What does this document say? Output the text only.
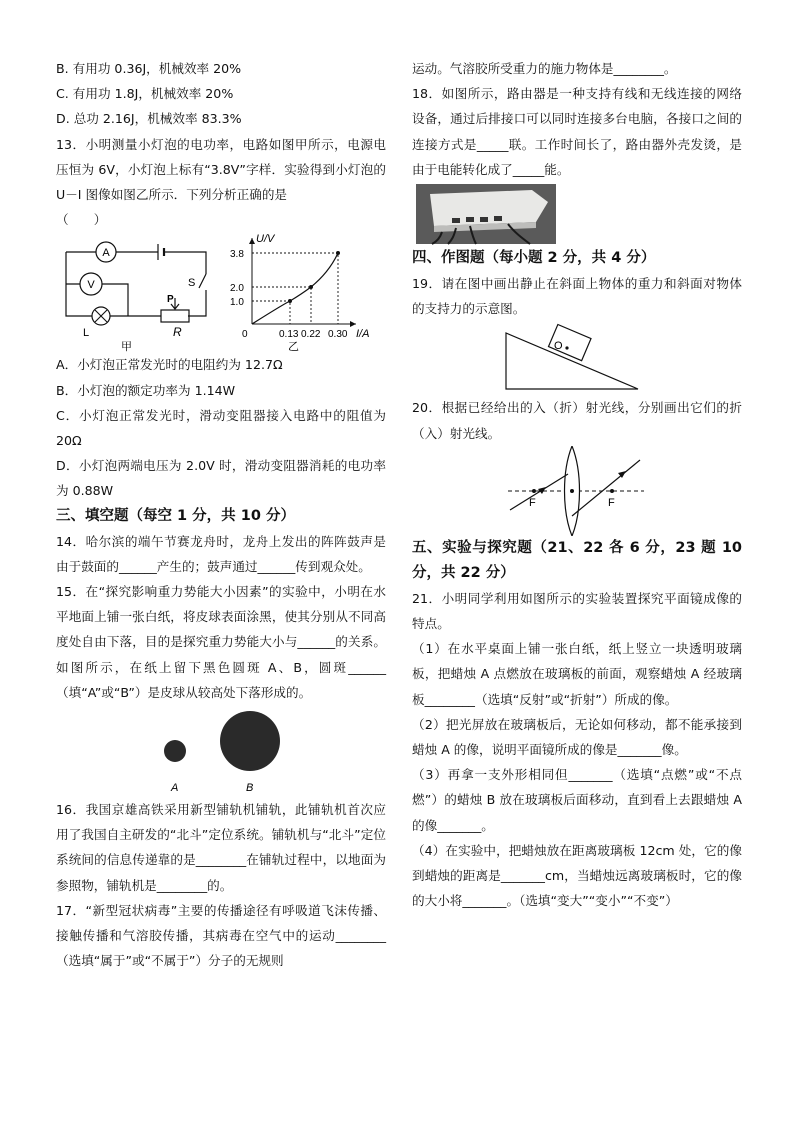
B. 有用功 0.36J，机械效率 20%

C. 有用功 1.8J，机械效率 20%

D. 总功 2.16J，机械效率 83.3%

13．小明测量小灯泡的电功率，电路如图甲所示，电源电压恒为 6V，小灯泡上标有“3.8V”字样．实验得到小灯泡的 U－I 图像如图乙所示．下列分析正确的是

（　　）

A
V	S
P
L	R
甲
U/V
I/A
0
3.8
2.0
1.0
0.13 0.22 0.30
乙

A．小灯泡正常发光时的电阻约为 12.7Ω

B．小灯泡的额定功率为 1.14W

C．小灯泡正常发光时，滑动变阻器接入电路中的阻值为 20Ω

D．小灯泡两端电压为 2.0V 时，滑动变阻器消耗的电功率为 0.88W

三、填空题（每空 1 分，共 10 分）

14．哈尔滨的端午节赛龙舟时，龙舟上发出的阵阵鼓声是由于鼓面的______产生的；鼓声通过______传到观众处。

15．在“探究影响重力势能大小因素”的实验中，小明在水平地面上铺一张白纸，将皮球表面涂黑，使其分别从不同高度处自由下落，目的是探究重力势能大小与______的关系。如图所示，在纸上留下黑色圆斑 A、B，圆斑______（填“A”或“B”）是皮球从较高处下落形成的。

A	B

16．我国京雄高铁采用新型铺轨机铺轨，此铺轨机首次应用了我国自主研发的“北斗”定位系统。铺轨机与“北斗”定位系统间的信息传递靠的是________在铺轨过程中，以地面为参照物，铺轨机是________的。

17．“新型冠状病毒”主要的传播途径有呼吸道飞沫传播、接触传播和气溶胶传播，其病毒在空气中的运动________（选填“属于”或“不属于”）分子的无规则

运动。气溶胶所受重力的施力物体是________。

18．如图所示，路由器是一种支持有线和无线连接的网络设备，通过后排接口可以同时连接多台电脑，各接口之间的连接方式是_____联。工作时间长了，路由器外壳发烫，是由于电能转化成了_____能。

四、作图题（每小题 2 分，共 4 分）

19．请在图中画出静止在斜面上物体的重力和斜面对物体的支持力的示意图。

O

20．根据已经给出的入（折）射光线，分别画出它们的折（入）射光线。

F	F

五、实验与探究题（21、22 各 6 分，23 题 10 分，共 22 分）

21．小明同学利用如图所示的实验装置探究平面镜成像的特点。

（1）在水平桌面上铺一张白纸，纸上竖立一块透明玻璃板，把蜡烛 A 点燃放在玻璃板的前面，观察蜡烛 A 经玻璃板________（选填“反射”或“折射”）所成的像。

（2）把光屏放在玻璃板后，无论如何移动，都不能承接到蜡烛 A 的像，说明平面镜所成的像是_______像。

（3）再拿一支外形相同但_______（选填“点燃”或“不点燃”）的蜡烛 B 放在玻璃板后面移动，直到看上去跟蜡烛 A 的像_______。

（4）在实验中，把蜡烛放在距离玻璃板 12cm 处，它的像到蜡烛的距离是_______cm，当蜡烛远离玻璃板时，它的像的大小将_______。（选填“变大”“变小”“不变”）
